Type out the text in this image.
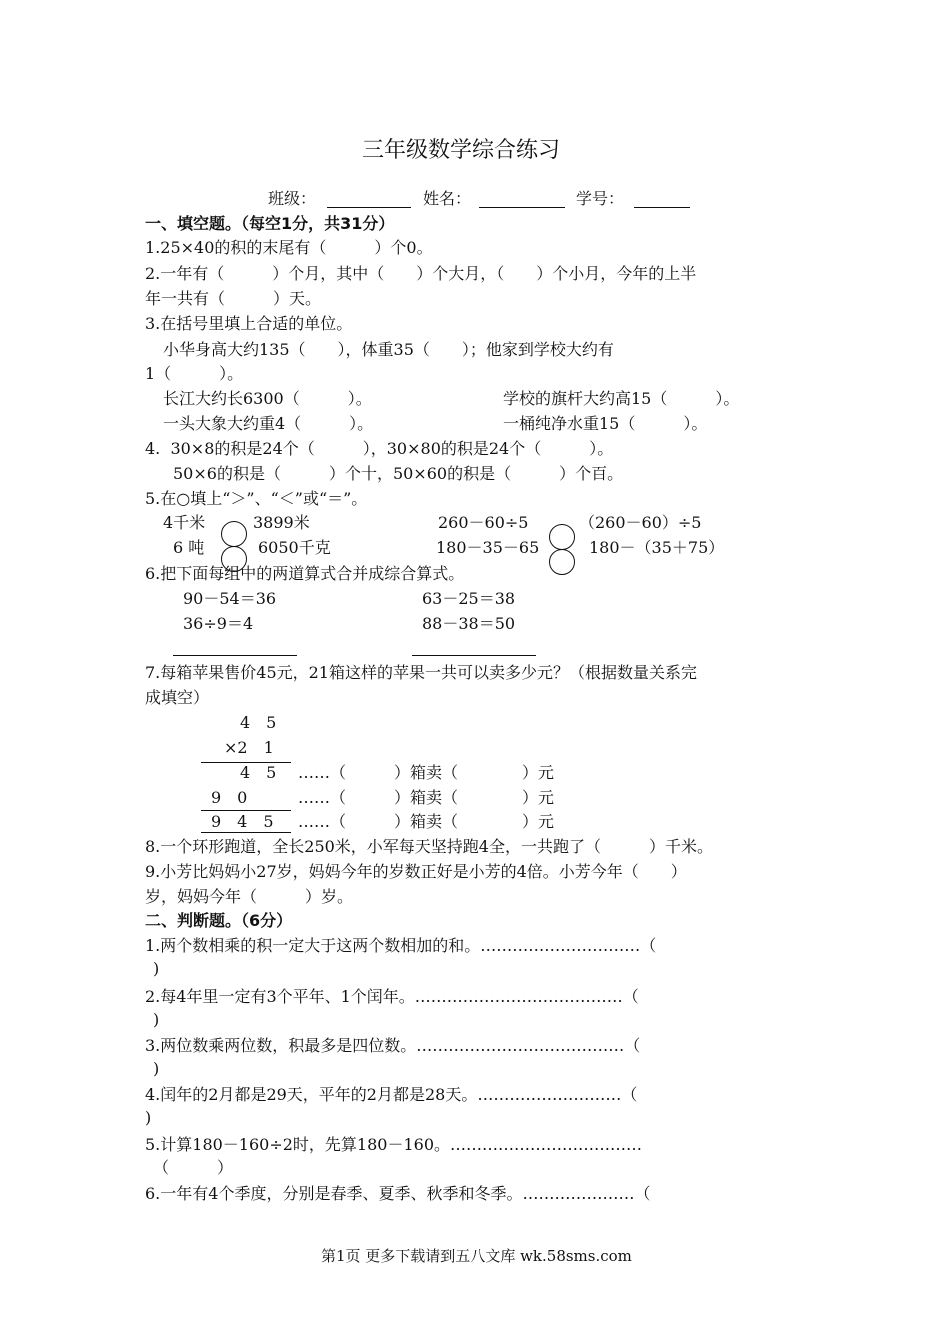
三年级数学综合练习
班级：	姓名：	学号：
一、填空题。（每空1分，共31分）
1.25×40的积的末尾有（　　　）个0。
2.一年有（　　　）个月，其中（　　）个大月，（　　）个小月，今年的上半
年一共有（　　　）天。
3.在括号里填上合适的单位。
小华身高大约135（　　），体重35（　　）；他家到学校大约有
1（　　　）。
长江大约长6300（　　　）。	学校的旗杆大约高15（　　　）。
一头大象大约重4（　　　）。	一桶纯净水重15（　　　）。
4.  30×8的积是24个（　　　），30×80的积是24个（　　　）。
50×6的积是（　　　）个十，50×60的积是（　　　）个百。
5.在○填上“＞”、“＜”或“＝”。
4千米	3899米	260－60÷5	（260－60）÷5
6 吨	6050千克	180－35－65	180－（35＋75）
6.把下面每组中的两道算式合并成综合算式。
90－54＝36	63－25＝38
36÷9＝4	88－38＝50
7.每箱苹果售价45元，21箱这样的苹果一共可以卖多少元？（根据数量关系完
成填空）
4　5
×2　1
4　5 ……（　　　）箱卖（　　　　）元
9　0	……（　　　）箱卖（　　　　）元
9　4　5 ……（　　　）箱卖（　　　　）元
8.一个环形跑道，全长250米，小军每天坚持跑4全，一共跑了（　　　）千米。
9.小芳比妈妈小27岁，妈妈今年的岁数正好是小芳的4倍。小芳今年（　　）
岁，妈妈今年（　　　）岁。
二、判断题。（6分）
1.两个数相乘的积一定大于这两个数相加的和。…………………………（
)
2.每4年里一定有3个平年、1个闰年。…………………………………（
)
3.两位数乘两位数，积最多是四位数。…………………………………（
)
4.闰年的2月都是29天，平年的2月都是28天。………………………（
)
5.计算180－160÷2时，先算180－160。………………………………
（　　　）
6.一年有4个季度，分别是春季、夏季、秋季和冬季。…………………（
第1页 更多下载请到五八文库 wk.58sms.com
